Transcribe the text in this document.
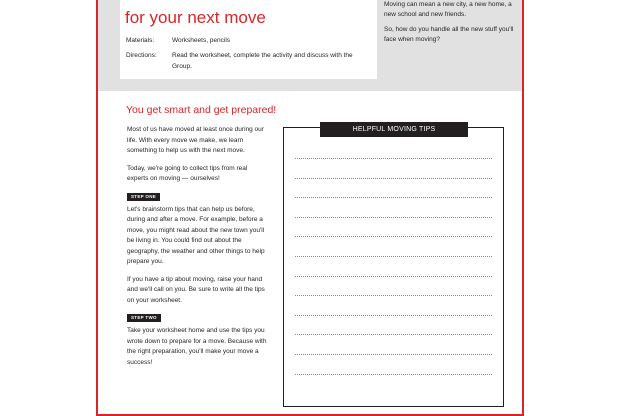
for your next move
Materials:	Worksheets, pencils
Directions: Read the worksheet, complete the activity and discuss with the Group.

Moving can mean a new city, a new home, a new school and new friends.

So, how do you handle all the new stuff you'll face when moving?

You get smart and get prepared!

Most of us have moved at least once during our life. With every move we make, we learn something to help us with the next move.

Today, we're going to collect tips from real experts on moving — ourselves!

STEP ONE

Let's brainstorm tips that can help us before, during and after a move. For example, before a move, you might read about the new town you'll be living in. You could find out about the geography, the weather and other things to help prepare you.

If you have a tip about moving, raise your hand and we'll call on you. Be sure to write all the tips on your worksheet.

STEP TWO

Take your worksheet home and use the tips you wrote down to prepare for a move. Because with the right preparation, you'll make your move a success!

HELPFUL MOVING TIPS
